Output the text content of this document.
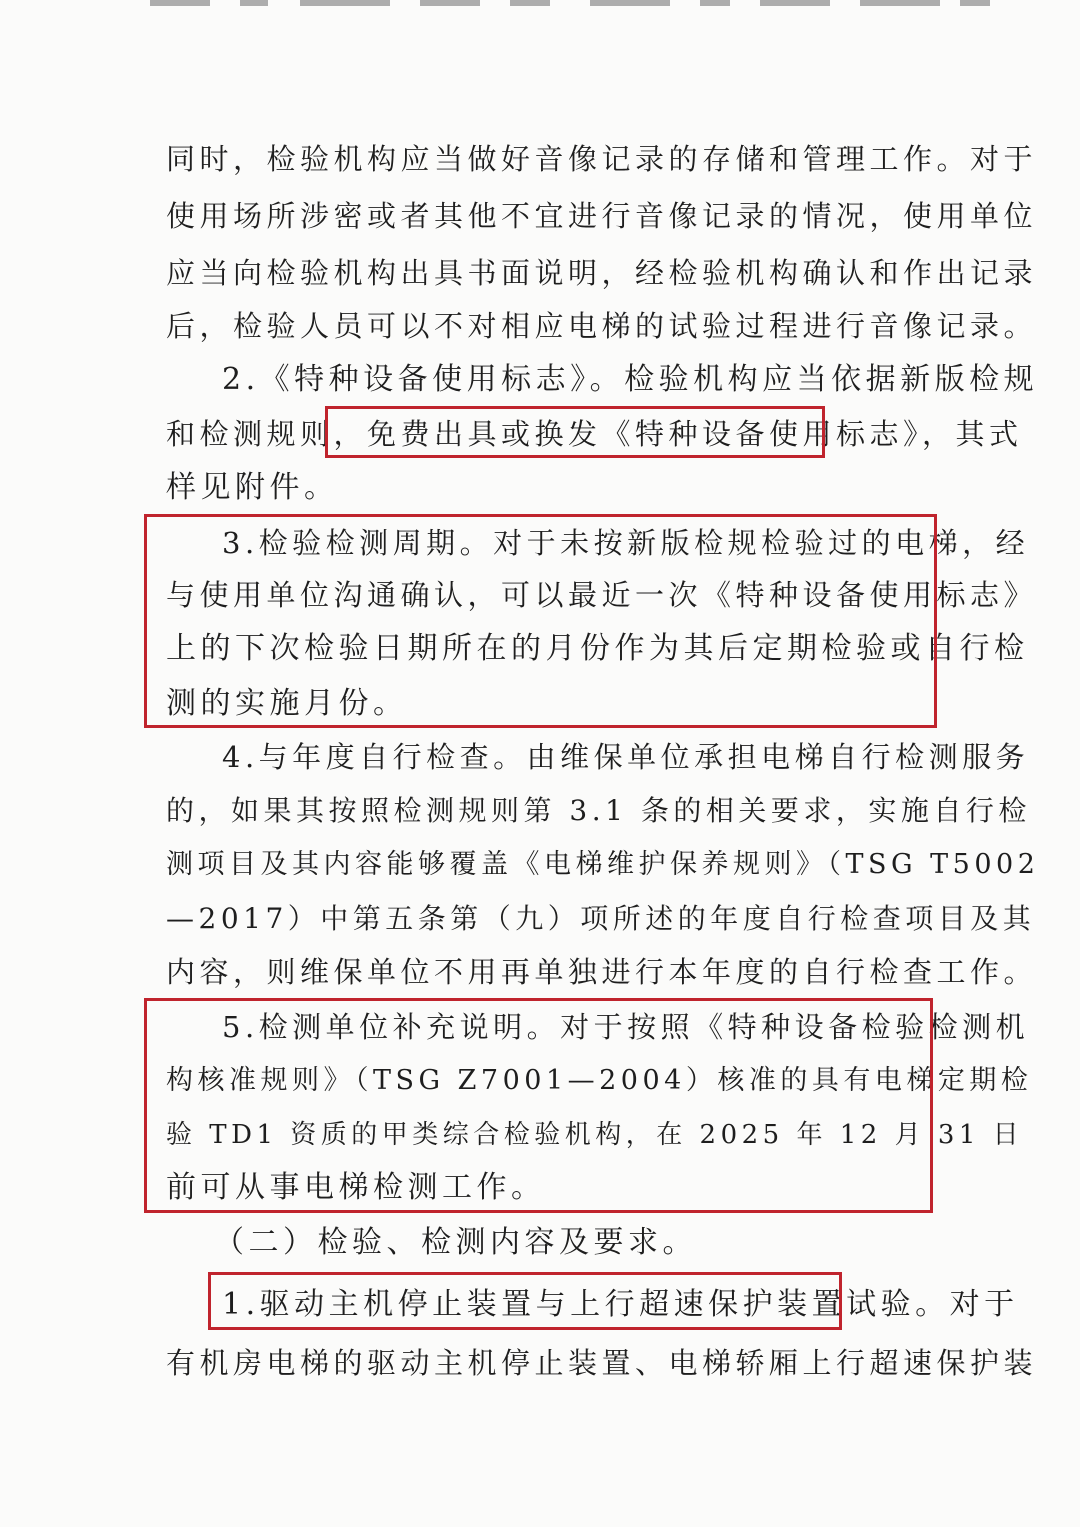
同时，检验机构应当做好音像记录的存储和管理工作。对于
使用场所涉密或者其他不宜进行音像记录的情况，使用单位
应当向检验机构出具书面说明，经检验机构确认和作出记录
后，检验人员可以不对相应电梯的试验过程进行音像记录。
2.《特种设备使用标志》。检验机构应当依据新版检规
和检测规则，免费出具或换发《特种设备使用标志》，其式
样见附件。
3.检验检测周期。对于未按新版检规检验过的电梯，经
与使用单位沟通确认，可以最近一次《特种设备使用标志》
上的下次检验日期所在的月份作为其后定期检验或自行检
测的实施月份。
4.与年度自行检查。由维保单位承担电梯自行检测服务
的，如果其按照检测规则第 3.1 条的相关要求，实施自行检
测项目及其内容能够覆盖《电梯维护保养规则》（TSG T5002
—2017）中第五条第（九）项所述的年度自行检查项目及其
内容，则维保单位不用再单独进行本年度的自行检查工作。
5.检测单位补充说明。对于按照《特种设备检验检测机
构核准规则》（TSG Z7001—2004）核准的具有电梯定期检
验 TD1 资质的甲类综合检验机构，在 2025 年 12 月 31 日
前可从事电梯检测工作。
（二）检验、检测内容及要求。
1.驱动主机停止装置与上行超速保护装置试验。对于
有机房电梯的驱动主机停止装置、电梯轿厢上行超速保护装
